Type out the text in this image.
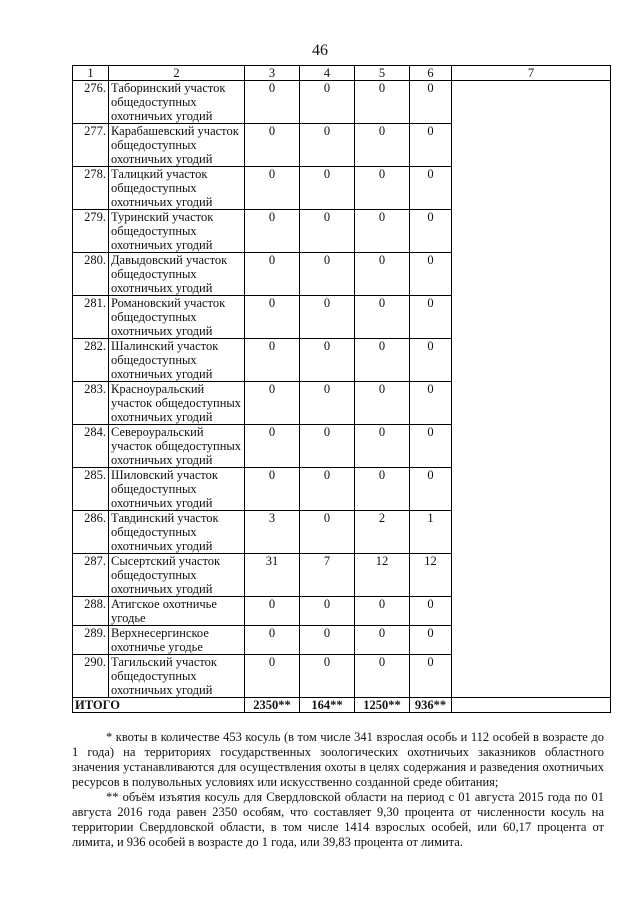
46
1	2	3	4	5	6	7
276.	Таборинский участок общедоступных охотничьих угодий	0	0	0	0	
277.	Карабашевский участок общедоступных охотничьих угодий	0	0	0	0	
278.	Талицкий участок общедоступных охотничьих угодий	0	0	0	0	
279.	Туринский участок общедоступных охотничьих угодий	0	0	0	0	
280.	Давыдовский участок общедоступных охотничьих угодий	0	0	0	0	
281.	Романовский участок общедоступных охотничьих угодий	0	0	0	0	
282.	Шалинский участок общедоступных охотничьих угодий	0	0	0	0	
283.	Красноуральский участок общедоступных охотничьих угодий	0	0	0	0	
284.	Североуральский участок общедоступных охотничьих угодий	0	0	0	0	
285.	Шиловский участок общедоступных охотничьих угодий	0	0	0	0	
286.	Тавдинский участок общедоступных охотничьих угодий	3	0	2	1	
287.	Сысертский участок общедоступных охотничьих угодий	31	7	12	12	
288.	Атигское охотничье угодье	0	0	0	0	
289.	Верхнесергинское охотничье угодье	0	0	0	0	
290.	Тагильский участок общедоступных охотничьих угодий	0	0	0	0	
ИТОГО		2350**	164**	1250**	936**	

* квоты в количестве 453 косуль (в том числе 341 взрослая особь и 112 особей в возрасте до 1 года) на территориях государственных зоологических охотничьих заказников областного значения устанавливаются для осуществления охоты в целях содержания и разведения охотничьих ресурсов в полувольных условиях или искусственно созданной среде обитания;

** объём изъятия косуль для Свердловской области на период с 01 августа 2015 года по 01 августа 2016 года равен 2350 особям, что составляет 9,30 процента от численности косуль на территории Свердловской области, в том числе 1414 взрослых особей, или 60,17 процента от лимита, и 936 особей в возрасте до 1 года, или 39,83 процента от лимита.
